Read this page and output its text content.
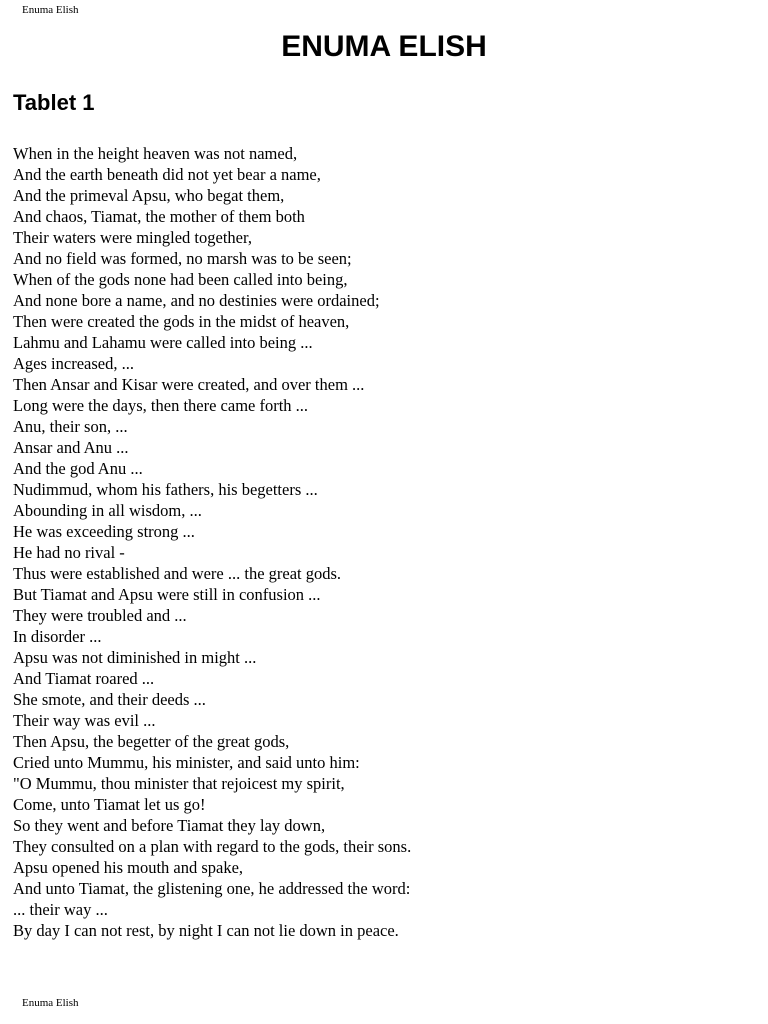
Enuma Elish
ENUMA ELISH
Tablet 1
When in the height heaven was not named,
And the earth beneath did not yet bear a name,
And the primeval Apsu, who begat them,
And chaos, Tiamat, the mother of them both
Their waters were mingled together,
And no field was formed, no marsh was to be seen;
When of the gods none had been called into being,
And none bore a name, and no destinies were ordained;
Then were created the gods in the midst of heaven,
Lahmu and Lahamu were called into being ...
Ages increased, ...
Then Ansar and Kisar were created, and over them ...
Long were the days, then there came forth ...
Anu, their son, ...
Ansar and Anu ...
And the god Anu ...
Nudimmud, whom his fathers, his begetters ...
Abounding in all wisdom, ...
He was exceeding strong ...
He had no rival -
Thus were established and were ... the great gods.
But Tiamat and Apsu were still in confusion ...
They were troubled and ...
In disorder ...
Apsu was not diminished in might ...
And Tiamat roared ...
She smote, and their deeds ...
Their way was evil ...
Then Apsu, the begetter of the great gods,
Cried unto Mummu, his minister, and said unto him:
"O Mummu, thou minister that rejoicest my spirit,
Come, unto Tiamat let us go!
So they went and before Tiamat they lay down,
They consulted on a plan with regard to the gods, their sons.
Apsu opened his mouth and spake,
And unto Tiamat, the glistening one, he addressed the word:
... their way ...
By day I can not rest, by night I can not lie down in peace.
Enuma Elish
